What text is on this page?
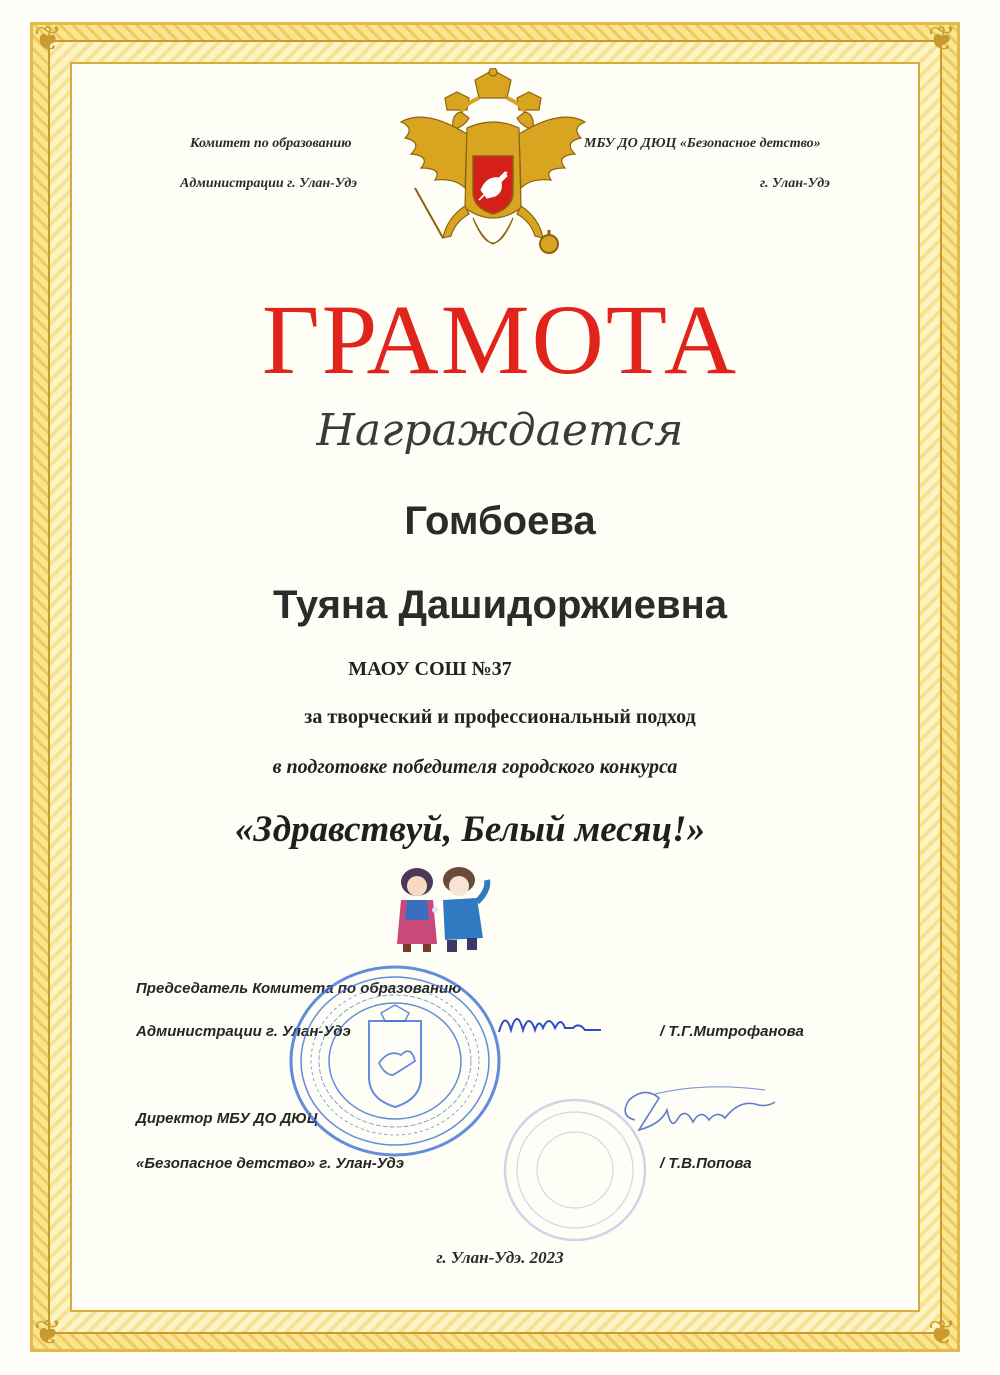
❦	❦
❦	❦

Комитет по образованию

Администрации г. Улан-Удэ

МБУ ДО ДЮЦ «Безопасное детство»

г. Улан-Удэ

ГРАМОТА

Награждается

Гомбоева

Туяна Дашидоржиевна

МАОУ СОШ №37

за творческий и профессиональный подход

в подготовке победителя городского конкурса

«Здравствуй, Белый месяц!»

Председатель Комитета по образованию

Администрации г. Улан-Удэ	/ Т.Г.Митрофанова

Директор МБУ ДО ДЮЦ

«Безопасное детство» г. Улан-Удэ	/ Т.В.Попова

г. Улан-Удэ. 2023
